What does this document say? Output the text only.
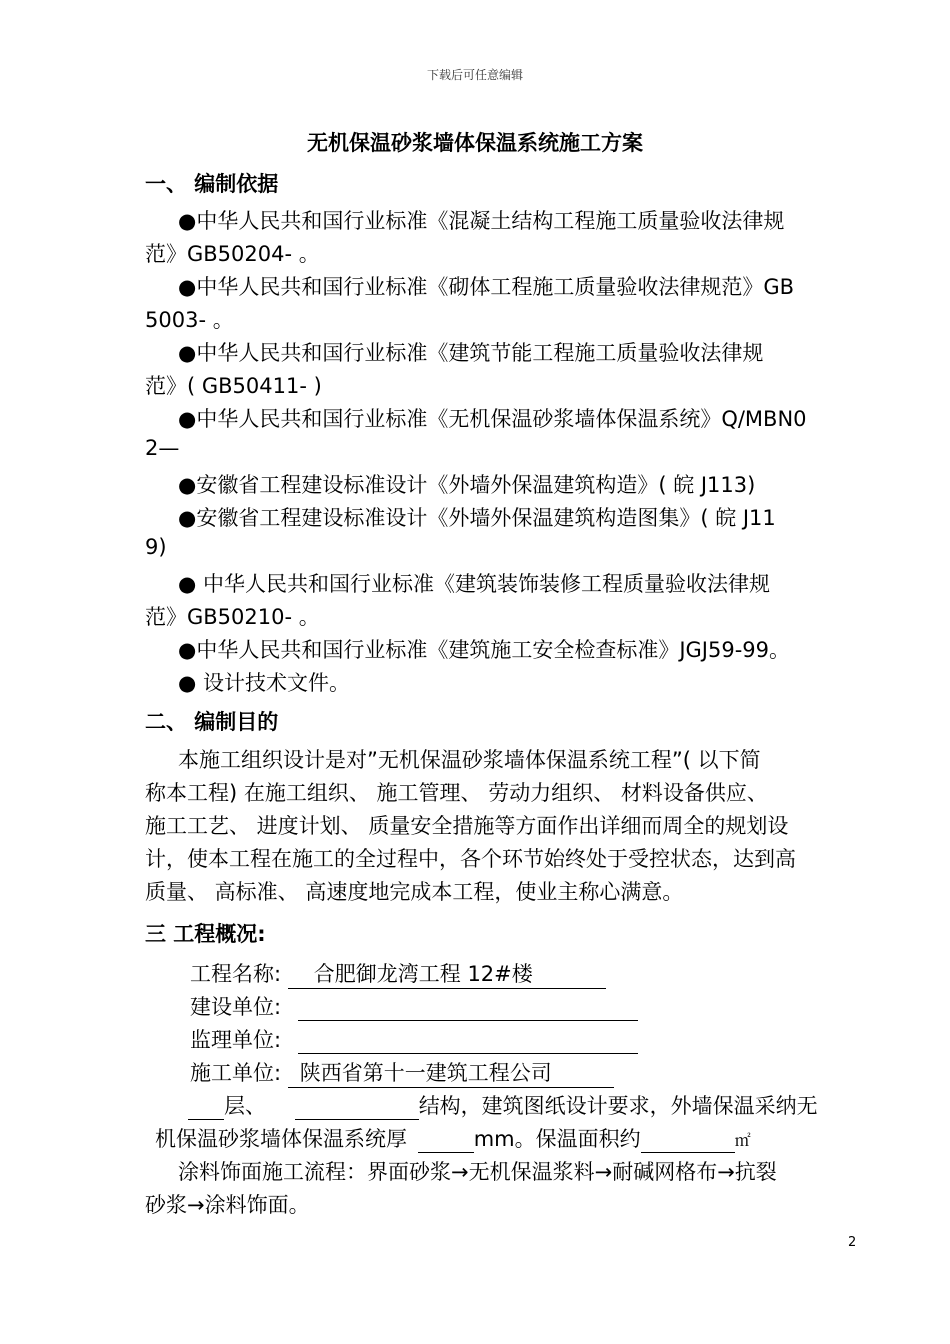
下载后可任意编辑
无机保温砂浆墙体保温系统施工方案
一、 编制依据
●中华人民共和国行业标准《混凝土结构工程施工质量验收法律规
范》GB50204- 。
●中华人民共和国行业标准《砌体工程施工质量验收法律规范》GB
5003- 。
●中华人民共和国行业标准《建筑节能工程施工质量验收法律规
范》( GB50411- )
●中华人民共和国行业标准《无机保温砂浆墙体保温系统》Q/MBN0
2—
●安徽省工程建设标准设计《外墙外保温建筑构造》( 皖 J113)
●安徽省工程建设标准设计《外墙外保温建筑构造图集》( 皖 J11
9)
● 中华人民共和国行业标准《建筑装饰装修工程质量验收法律规
范》GB50210- 。
●中华人民共和国行业标准《建筑施工安全检查标准》JGJ59-99。
● 设计技术文件。
二、 编制目的
本施工组织设计是对”无机保温砂浆墙体保温系统工程”( 以下简
称本工程) 在施工组织、 施工管理、 劳动力组织、 材料设备供应、
施工工艺、 进度计划、 质量安全措施等方面作出详细而周全的规划设
计，使本工程在施工的全过程中，各个环节始终处于受控状态，达到高
质量、 高标准、 高速度地完成本工程，使业主称心满意。
三 工程概况:
工程名称: 合肥御龙湾工程 12#楼
建设单位:
监理单位:
施工单位: 陕西省第十一建筑工程公司
层、	结构，建筑图纸设计要求，外墙保温采纳无
机保温砂浆墙体保温系统厚	mm。保温面积约	㎡
涂料饰面施工流程：界面砂浆→无机保温浆料→耐碱网格布→抗裂
砂浆→涂料饰面。
2
